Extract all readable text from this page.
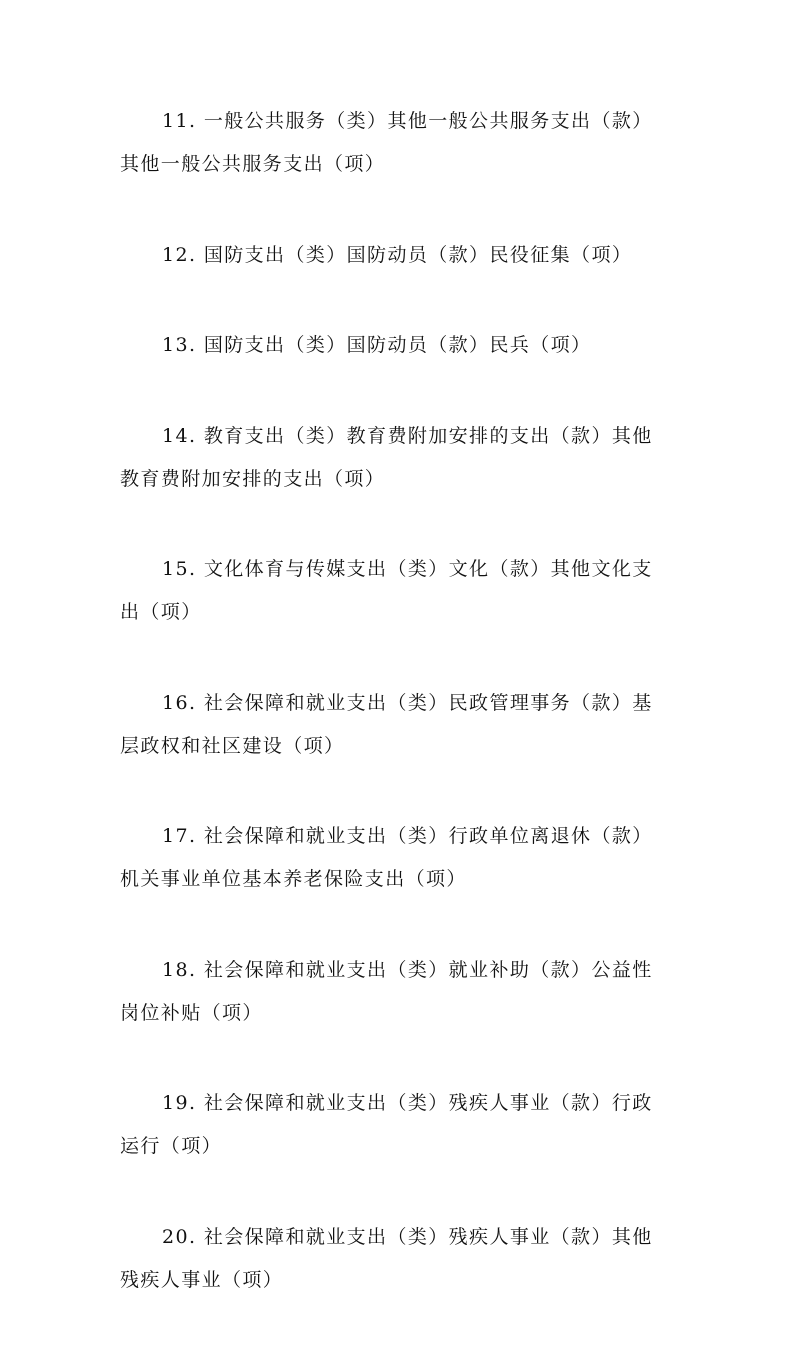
11. 一般公共服务（类）其他一般公共服务支出（款）
其他一般公共服务支出（项）
12. 国防支出（类）国防动员（款）民役征集（项）
13. 国防支出（类）国防动员（款）民兵（项）
14. 教育支出（类）教育费附加安排的支出（款）其他
教育费附加安排的支出（项）
15. 文化体育与传媒支出（类）文化（款）其他文化支
出（项）
16. 社会保障和就业支出（类）民政管理事务（款）基
层政权和社区建设（项）
17. 社会保障和就业支出（类）行政单位离退休（款）
机关事业单位基本养老保险支出（项）
18. 社会保障和就业支出（类）就业补助（款）公益性
岗位补贴（项）
19. 社会保障和就业支出（类）残疾人事业（款）行政
运行（项）
20. 社会保障和就业支出（类）残疾人事业（款）其他
残疾人事业（项）
